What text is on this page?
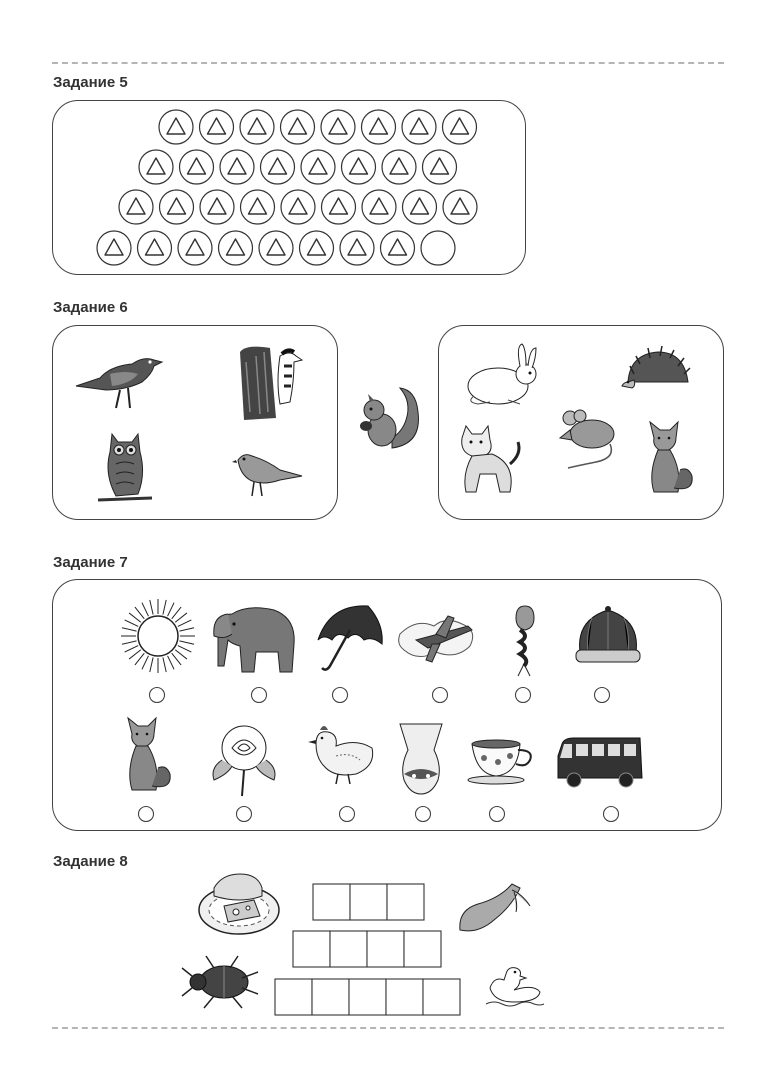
Задание 5
Задание 6
Задание 7
Задание 8
